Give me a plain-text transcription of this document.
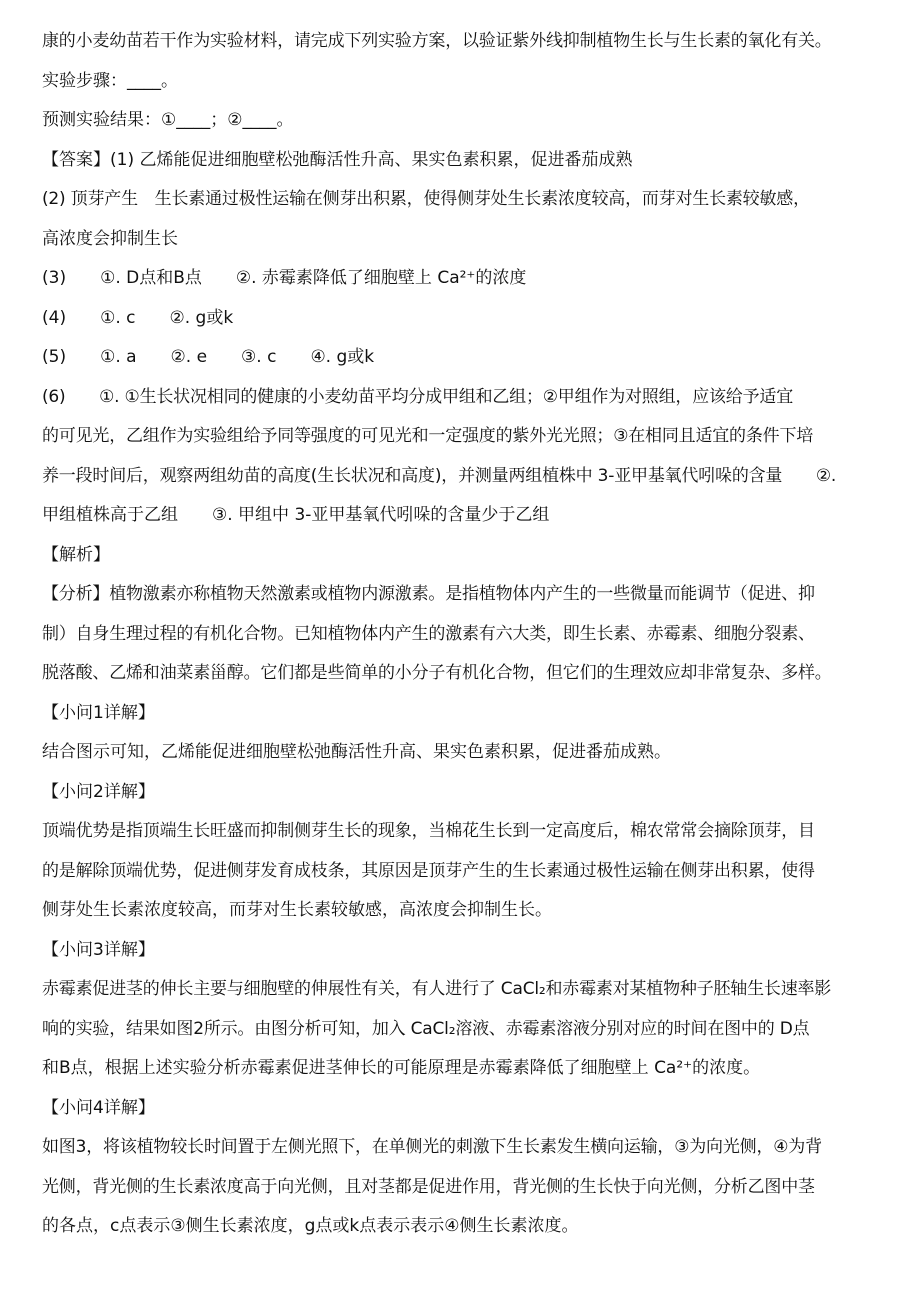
康的小麦幼苗若干作为实验材料，请完成下列实验方案，以验证紫外线抑制植物生长与生长素的氧化有关。
实验步骤：____。
预测实验结果：①____；②____。
【答案】(1) 乙烯能促进细胞壁松弛酶活性升高、果实色素积累，促进番茄成熟
(2) 顶芽产生　生长素通过极性运输在侧芽出积累，使得侧芽处生长素浓度较高，而芽对生长素较敏感，
高浓度会抑制生长
(3)　　①. D点和B点　　②. 赤霉素降低了细胞壁上 Ca²⁺的浓度
(4)　　①. c　　②. g或k
(5)　　①. a　　②. e　　③. c　　④. g或k
(6)　　①. ①生长状况相同的健康的小麦幼苗平均分成甲组和乙组；②甲组作为对照组，应该给予适宜
的可见光，乙组作为实验组给予同等强度的可见光和一定强度的紫外光光照；③在相同且适宜的条件下培
养一段时间后，观察两组幼苗的高度(生长状况和高度)，并测量两组植株中 3-亚甲基氧代吲哚的含量　　②.
甲组植株高于乙组　　③. 甲组中 3-亚甲基氧代吲哚的含量少于乙组
【解析】
【分析】植物激素亦称植物天然激素或植物内源激素。是指植物体内产生的一些微量而能调节（促进、抑
制）自身生理过程的有机化合物。已知植物体内产生的激素有六大类，即生长素、赤霉素、细胞分裂素、
脱落酸、乙烯和油菜素甾醇。它们都是些简单的小分子有机化合物，但它们的生理效应却非常复杂、多样。
【小问1详解】
结合图示可知，乙烯能促进细胞壁松弛酶活性升高、果实色素积累，促进番茄成熟。
【小问2详解】
顶端优势是指顶端生长旺盛而抑制侧芽生长的现象，当棉花生长到一定高度后，棉农常常会摘除顶芽，目
的是解除顶端优势，促进侧芽发育成枝条，其原因是顶芽产生的生长素通过极性运输在侧芽出积累，使得
侧芽处生长素浓度较高，而芽对生长素较敏感，高浓度会抑制生长。
【小问3详解】
赤霉素促进茎的伸长主要与细胞壁的伸展性有关，有人进行了 CaCl₂和赤霉素对某植物种子胚轴生长速率影
响的实验，结果如图2所示。由图分析可知，加入 CaCl₂溶液、赤霉素溶液分别对应的时间在图中的 D点
和B点，根据上述实验分析赤霉素促进茎伸长的可能原理是赤霉素降低了细胞壁上 Ca²⁺的浓度。
【小问4详解】
如图3，将该植物较长时间置于左侧光照下，在单侧光的刺激下生长素发生横向运输，③为向光侧，④为背
光侧，背光侧的生长素浓度高于向光侧，且对茎都是促进作用，背光侧的生长快于向光侧，分析乙图中茎
的各点，c点表示③侧生长素浓度，g点或k点表示表示④侧生长素浓度。
